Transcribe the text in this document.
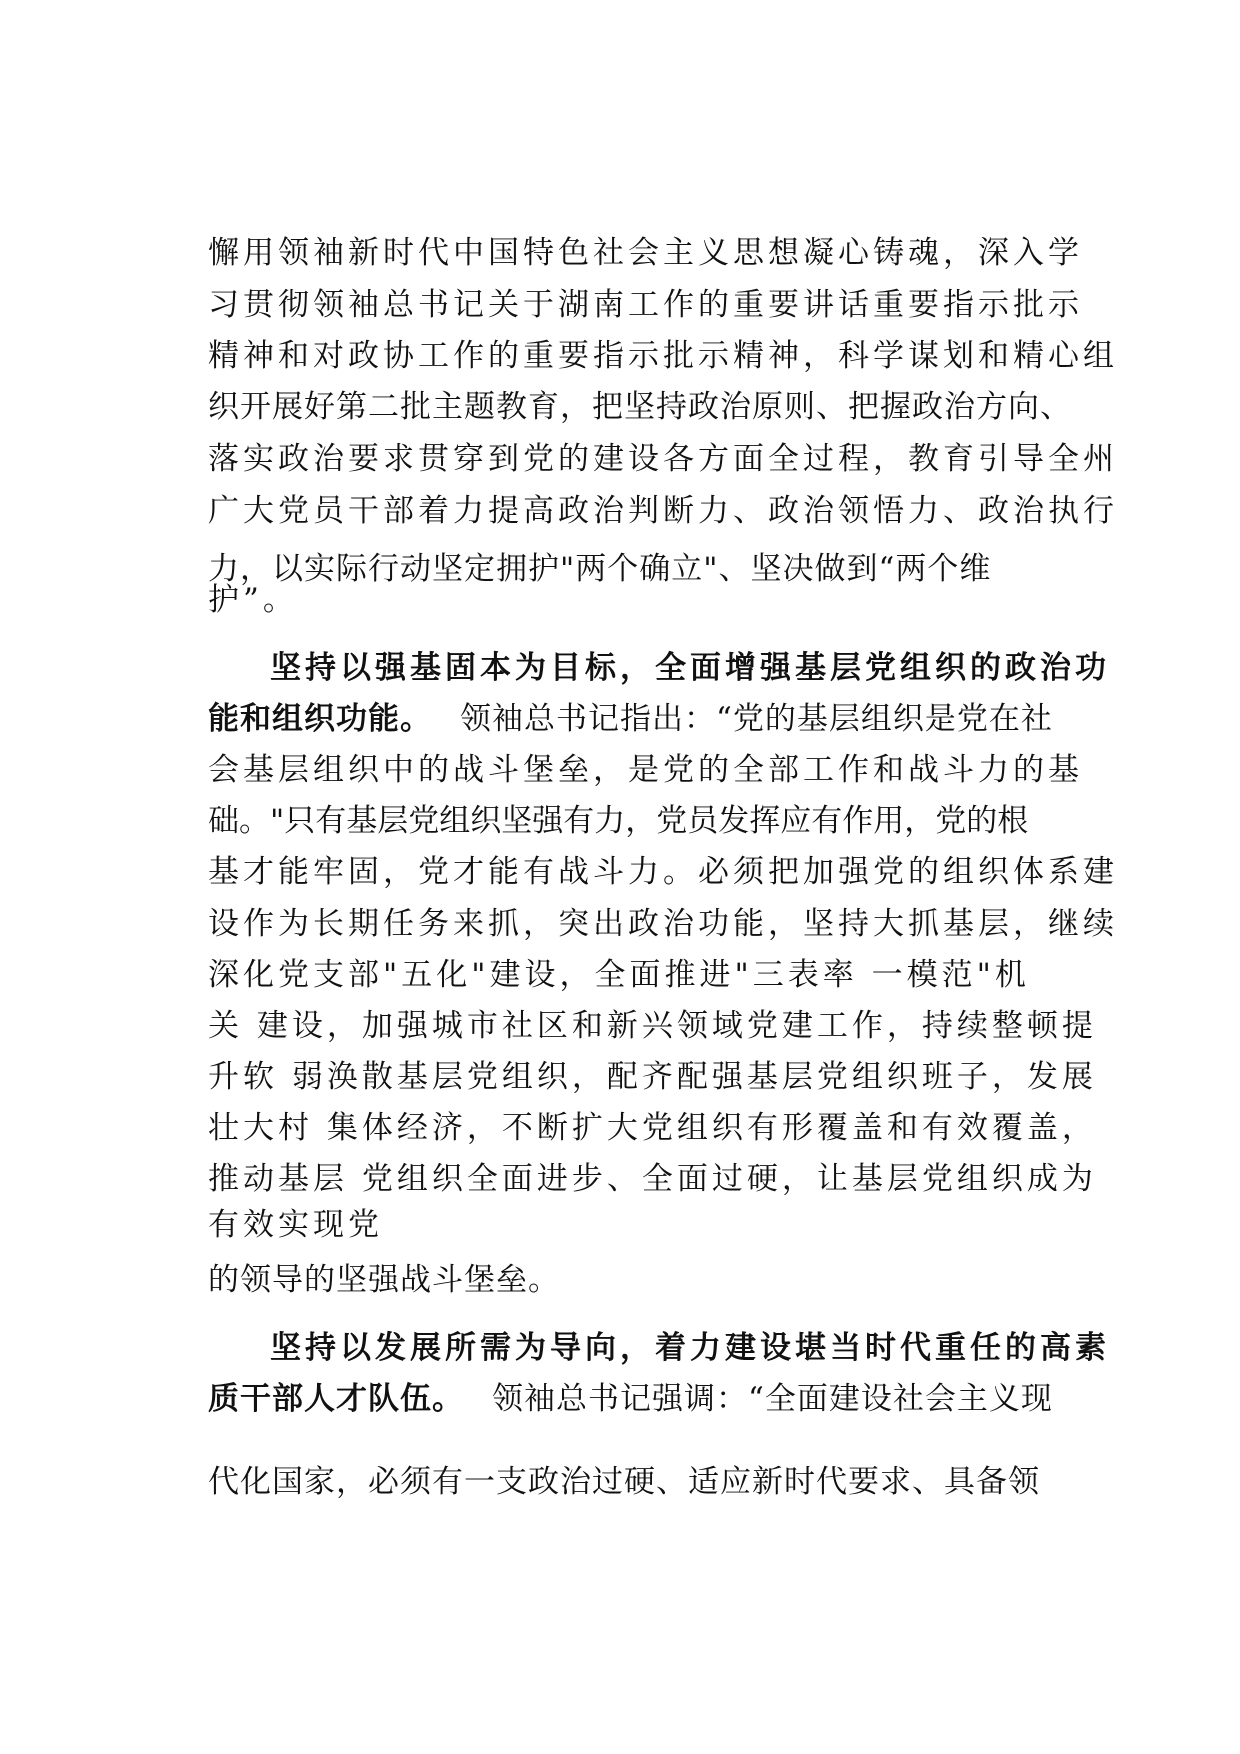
懈用领袖新时代中国特色社会主义思想凝心铸魂，深入学
习贯彻领袖总书记关于湖南工作的重要讲话重要指示批示
精神和对政协工作的重要指示批示精神，科学谋划和精心组
织开展好第二批主题教育，把坚持政治原则、把握政治方向、
落实政治要求贯穿到党的建设各方面全过程，教育引导全州
广大党员干部着力提高政治判断力、政治领悟力、政治执行
力，以实际行动坚定拥护"两个确立"、坚决做到“两个维
护”。
坚持以强基固本为目标，全面增强基层党组织的政治功
能和组织功能。 领袖总书记指出：“党的基层组织是党在社
会基层组织中的战斗堡垒，是党的全部工作和战斗力的基
础。"只有基层党组织坚强有力，党员发挥应有作用，党的根
基才能牢固，党才能有战斗力。必须把加强党的组织体系建
设作为长期任务来抓，突出政治功能，坚持大抓基层，继续
深化党支部"五化"建设，全面推进"三表率 一模范"机
关 建设，加强城市社区和新兴领域党建工作，持续整顿提
升软 弱涣散基层党组织，配齐配强基层党组织班子，发展
壮大村 集体经济，不断扩大党组织有形覆盖和有效覆盖，
推动基层 党组织全面进步、全面过硬，让基层党组织成为
有效实现党
的领导的坚强战斗堡垒。
坚持以发展所需为导向，着力建设堪当时代重任的高素
质干部人才队伍。 领袖总书记强调：“全面建设社会主义现
代化国家，必须有一支政治过硬、适应新时代要求、具备领
